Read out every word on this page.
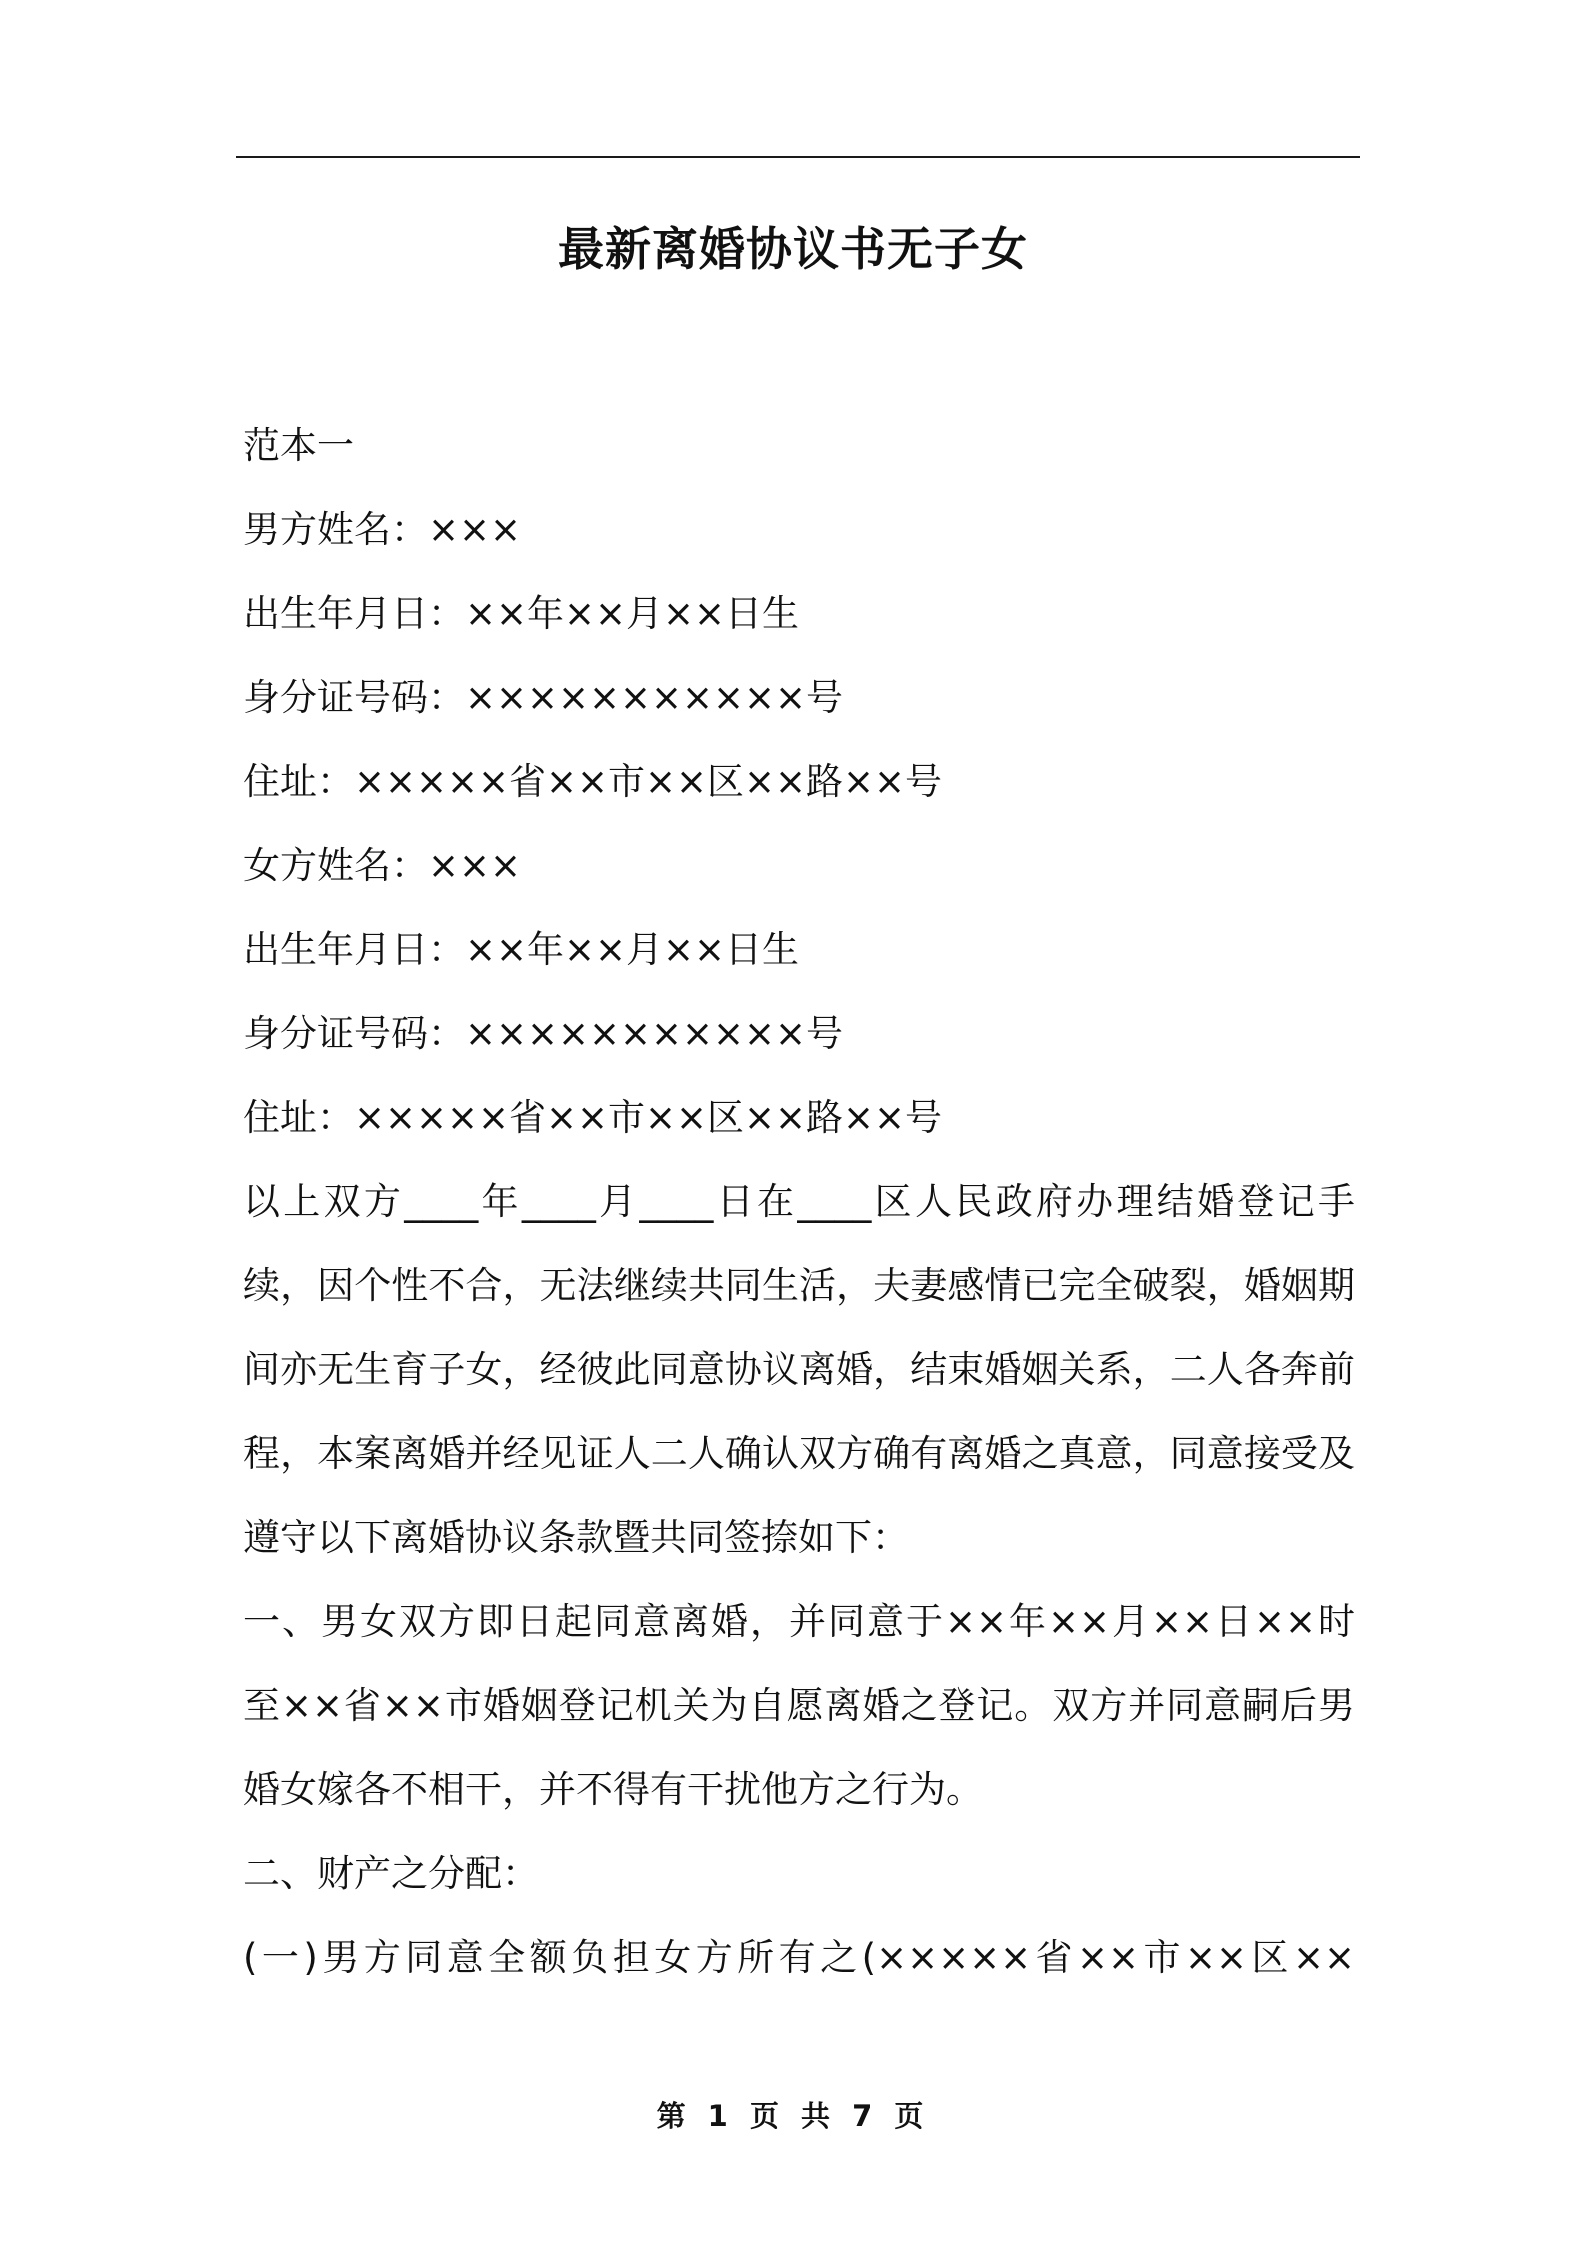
最新离婚协议书无子女
范本一
男方姓名：×××
出生年月日：××年××月××日生
身分证号码：×××××××××××号
住址：×××××省××市××区××路××号
女方姓名：×××
出生年月日：××年××月××日生
身分证号码：×××××××××××号
住址：×××××省××市××区××路××号
以上双方____年____月____日在____区人民政府办理结婚登记手
续，因个性不合，无法继续共同生活，夫妻感情已完全破裂，婚姻期
间亦无生育子女，经彼此同意协议离婚，结束婚姻关系，二人各奔前
程，本案离婚并经见证人二人确认双方确有离婚之真意，同意接受及
遵守以下离婚协议条款暨共同签捺如下：
一、男女双方即日起同意离婚，并同意于××年××月××日××时
至××省××市婚姻登记机关为自愿离婚之登记。双方并同意嗣后男
婚女嫁各不相干，并不得有干扰他方之行为。
二、财产之分配：
(一)男方同意全额负担女方所有之(×××××省××市××区××
第 1 页 共 7 页
